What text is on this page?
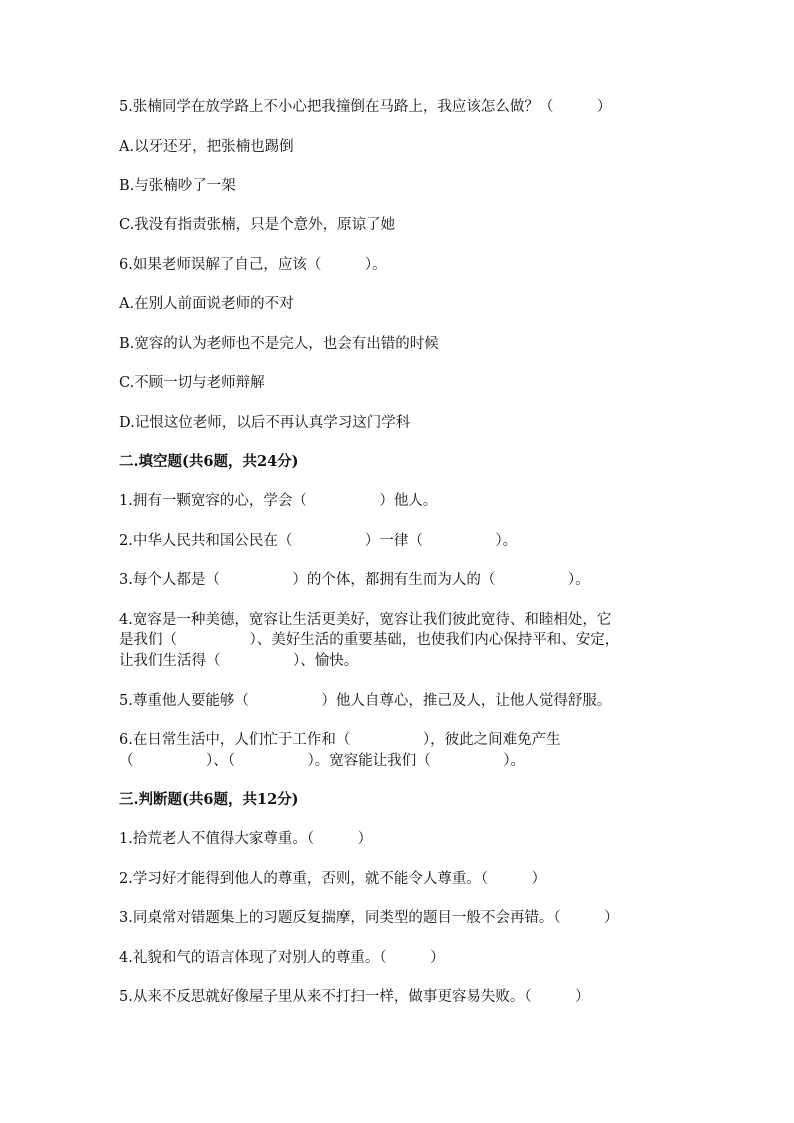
5.张楠同学在放学路上不小心把我撞倒在马路上，我应该怎么做？（　　　）
A.以牙还牙，把张楠也踢倒
B.与张楠吵了一架
C.我没有指责张楠，只是个意外，原谅了她
6.如果老师误解了自己，应该（　　　）。
A.在别人前面说老师的不对
B.宽容的认为老师也不是完人，也会有出错的时候
C.不顾一切与老师辩解
D.记恨这位老师，以后不再认真学习这门学科
二.填空题(共6题，共24分)
1.拥有一颗宽容的心，学会（　　　　　）他人。
2.中华人民共和国公民在（　　　　　）一律（　　　　　）。
3.每个人都是（　　　　　）的个体，都拥有生而为人的（　　　　　）。
4.宽容是一种美德，宽容让生活更美好，宽容让我们彼此宽待、和睦相处，它
是我们（　　　　　）、美好生活的重要基础，也使我们内心保持平和、安定，
让我们生活得（　　　　　）、愉快。
5.尊重他人要能够（　　　　　）他人自尊心，推己及人，让他人觉得舒服。
6.在日常生活中，人们忙于工作和（　　　　　），彼此之间难免产生
（　　　　　）、（　　　　　）。宽容能让我们（　　　　　）。
三.判断题(共6题，共12分)
1.拾荒老人不值得大家尊重。（　　　）
2.学习好才能得到他人的尊重，否则，就不能令人尊重。（　　　）
3.同桌常对错题集上的习题反复揣摩，同类型的题目一般不会再错。（　　　）
4.礼貌和气的语言体现了对别人的尊重。（　　　）
5.从来不反思就好像屋子里从来不打扫一样，做事更容易失败。（　　　）
